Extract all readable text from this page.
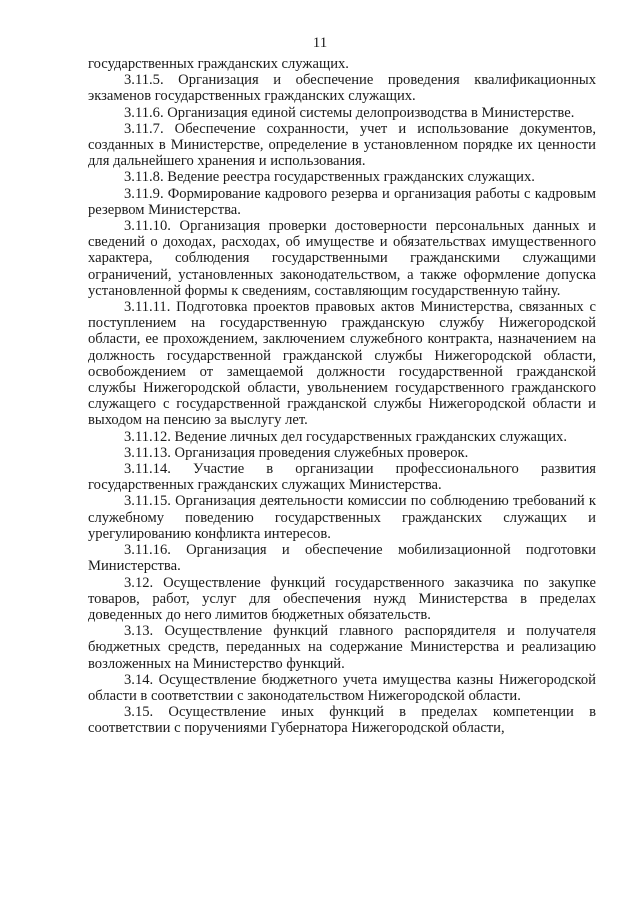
11

государственных гражданских служащих.

3.11.5. Организация и обеспечение проведения квалификационных экзаменов государственных гражданских служащих.

3.11.6. Организация единой системы делопроизводства в Министерстве.

3.11.7. Обеспечение сохранности, учет и использование документов, созданных в Министерстве, определение в установленном порядке их ценности для дальнейшего хранения и использования.

3.11.8. Ведение реестра государственных гражданских служащих.

3.11.9. Формирование кадрового резерва и организация работы с кадровым резервом Министерства.

3.11.10. Организация проверки достоверности персональных данных и сведений о доходах, расходах, об имуществе и обязательствах имущественного характера, соблюдения государственными гражданскими служащими ограничений, установленных законодательством, а также оформление допуска установленной формы к сведениям, составляющим государственную тайну.

3.11.11. Подготовка проектов правовых актов Министерства, связанных с поступлением на государственную гражданскую службу Нижегородской области, ее прохождением, заключением служебного контракта, назначением на должность государственной гражданской службы Нижегородской области, освобождением от замещаемой должности государственной гражданской службы Нижегородской области, увольнением государственного гражданского служащего с государственной гражданской службы Нижегородской области и выходом на пенсию за выслугу лет.

3.11.12. Ведение личных дел государственных гражданских служащих.

3.11.13. Организация проведения служебных проверок.

3.11.14. Участие в организации профессионального развития государственных гражданских служащих Министерства.

3.11.15. Организация деятельности комиссии по соблюдению требований к служебному поведению государственных гражданских служащих и урегулированию конфликта интересов.

3.11.16. Организация и обеспечение мобилизационной подготовки Министерства.

3.12. Осуществление функций государственного заказчика по закупке товаров, работ, услуг для обеспечения нужд Министерства в пределах доведенных до него лимитов бюджетных обязательств.

3.13. Осуществление функций главного распорядителя и получателя бюджетных средств, переданных на содержание Министерства и реализацию возложенных на Министерство функций.

3.14. Осуществление бюджетного учета имущества казны Нижегородской области в соответствии с законодательством Нижегородской области.

3.15. Осуществление иных функций в пределах компетенции в соответствии с поручениями Губернатора Нижегородской области,
